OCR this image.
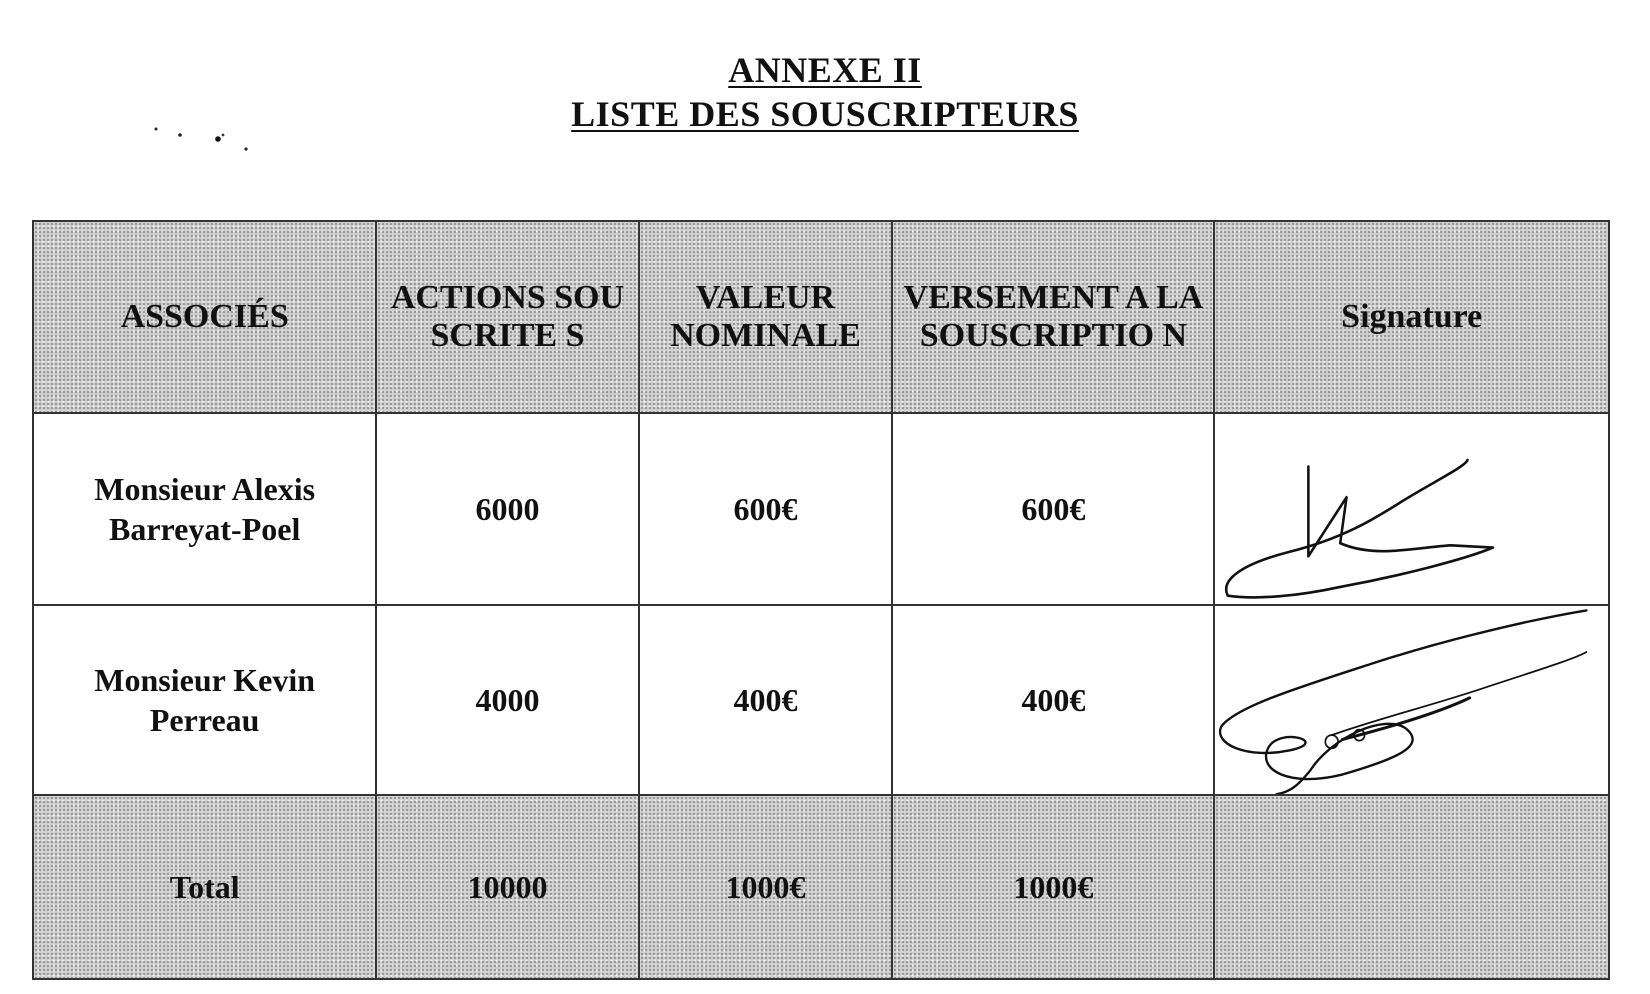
ANNEXE II
LISTE DES SOUSCRIPTEURS
ASSOCIÉS	ACTIONS SOUSCRITE S	VALEUR NOMINALE	VERSEMENT A LA SOUSCRIPTIO N	Signature
Monsieur Alexis Barreyat-Poel	6000	600€	600€	

Monsieur Kevin Perreau	4000	400€	400€	

Total	10000	1000€	1000€	
